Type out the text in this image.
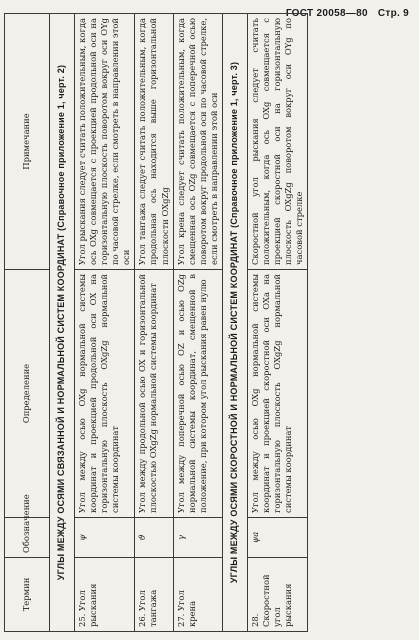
ГОСТ 20058—80 Стр. 9
Термин	Обозначение	Определение	Примечание
УГЛЫ МЕЖДУ ОСЯМИ СВЯЗАННОЙ И НОРМАЛЬНОЙ СИСТЕМ КООРДИНАТ (Справочное приложение 1, черт. 2)			
25. Угол рыскания	ψ	Угол между осью OXg нормальной системы координат и проекцией продольной оси OX на горизонтальную плоскость OXgZg нормальной системы координат	Угол рыскания следует считать положительным, когда ось OXg совмещается с проекцией продольной оси на горизонтальную плоскость поворотом вокруг оси OYg по часовой стрелке, если смотреть в направлении этой оси
26. Угол тангажа	ϑ	Угол между продольной осью OX и горизонтальной плоскостью OXgZg нормальной системы координат	Угол тангажа следует считать положительным, когда продольная ось находится выше горизонтальной плоскости OXgZg
27. Угол крена	γ	Угол между поперечной осью OZ и осью OZg нормальной системы координат, смещенной в положение, при котором угол рыскания равен нулю	Угол крена следует считать положительным, когда смещенная ось OZg совмещается с поперечной осью поворотом вокруг продольной оси по часовой стрелке, если смотреть в направлении этой оси
УГЛЫ МЕЖДУ ОСЯМИ СКОРОСТНОЙ И НОРМАЛЬНОЙ СИСТЕМ КООРДИНАТ (Справочное приложение 1, черт. 3)			
28. Скоростной угол рыскания	ψa	Угол между осью OXg нормальной системы координат и проекцией скоростной оси OXa на горизонтальную плоскость OXgZg нормальной системы координат	Скоростной угол рыскания следует считать положительным, когда ось OXg совмещается с проекцией скоростной оси на горизонтальную плоскость OXgZg поворотом вокруг оси OYg по часовой стрелке
